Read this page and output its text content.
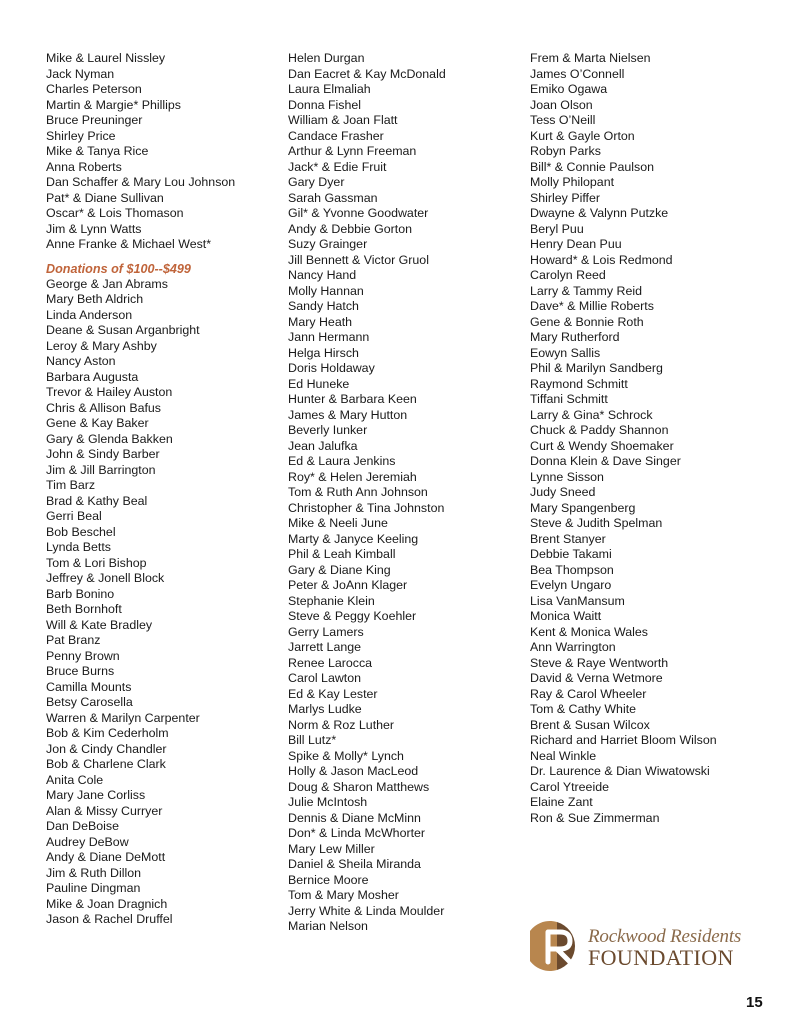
Mike & Laurel Nissley
Jack Nyman
Charles Peterson
Martin & Margie* Phillips
Bruce Preuninger
Shirley Price
Mike & Tanya Rice
Anna Roberts
Dan Schaffer & Mary Lou Johnson
Pat* & Diane Sullivan
Oscar* & Lois Thomason
Jim & Lynn Watts
Anne Franke & Michael West*
Donations of $100--$499
George & Jan Abrams
Mary Beth Aldrich
Linda Anderson
Deane & Susan Arganbright
Leroy & Mary Ashby
Nancy Aston
Barbara Augusta
Trevor & Hailey Auston
Chris & Allison Bafus
Gene & Kay Baker
Gary & Glenda Bakken
John & Sindy Barber
Jim & Jill Barrington
Tim Barz
Brad & Kathy Beal
Gerri Beal
Bob Beschel
Lynda Betts
Tom & Lori Bishop
Jeffrey & Jonell Block
Barb Bonino
Beth Bornhoft
Will & Kate Bradley
Pat Branz
Penny Brown
Bruce Burns
Camilla Mounts
Betsy Carosella
Warren & Marilyn Carpenter
Bob & Kim Cederholm
Jon & Cindy Chandler
Bob & Charlene Clark
Anita Cole
Mary Jane Corliss
Alan & Missy Curryer
Dan DeBoise
Audrey DeBow
Andy & Diane DeMott
Jim & Ruth Dillon
Pauline Dingman
Mike & Joan Dragnich
Jason & Rachel Druffel
Helen Durgan
Dan Eacret & Kay McDonald
Laura Elmaliah
Donna Fishel
William & Joan Flatt
Candace Frasher
Arthur & Lynn Freeman
Jack* & Edie Fruit
Gary Dyer
Sarah Gassman
Gil* & Yvonne Goodwater
Andy & Debbie Gorton
Suzy Grainger
Jill Bennett & Victor Gruol
Nancy Hand
Molly Hannan
Sandy Hatch
Mary Heath
Jann Hermann
Helga Hirsch
Doris Holdaway
Ed Huneke
Hunter & Barbara Keen
James & Mary Hutton
Beverly Iunker
Jean Jalufka
Ed & Laura Jenkins
Roy* & Helen Jeremiah
Tom & Ruth Ann Johnson
Christopher & Tina Johnston
Mike & Neeli June
Marty & Janyce Keeling
Phil & Leah Kimball
Gary & Diane King
Peter & JoAnn Klager
Stephanie Klein
Steve & Peggy Koehler
Gerry Lamers
Jarrett Lange
Renee Larocca
Carol Lawton
Ed & Kay Lester
Marlys Ludke
Norm & Roz Luther
Bill Lutz*
Spike & Molly* Lynch
Holly & Jason MacLeod
Doug & Sharon Matthews
Julie McIntosh
Dennis & Diane McMinn
Don* & Linda McWhorter
Mary Lew Miller
Daniel & Sheila Miranda
Bernice Moore
Tom & Mary Mosher
Jerry White & Linda Moulder
Marian Nelson
Frem & Marta Nielsen
James O’Connell
Emiko Ogawa
Joan Olson
Tess O’Neill
Kurt & Gayle Orton
Robyn Parks
Bill* & Connie Paulson
Molly Philopant
Shirley Piffer
Dwayne & Valynn Putzke
Beryl Puu
Henry Dean Puu
Howard* & Lois Redmond
Carolyn Reed
Larry & Tammy Reid
Dave* & Millie Roberts
Gene & Bonnie Roth
Mary Rutherford
Eowyn Sallis
Phil & Marilyn Sandberg
Raymond Schmitt
Tiffani Schmitt
Larry & Gina* Schrock
Chuck & Paddy Shannon
Curt & Wendy Shoemaker
Donna Klein & Dave Singer
Lynne Sisson
Judy Sneed
Mary Spangenberg
Steve & Judith Spelman
Brent Stanyer
Debbie Takami
Bea Thompson
Evelyn Ungaro
Lisa VanMansum
Monica Waitt
Kent & Monica Wales
Ann Warrington
Steve & Raye Wentworth
David & Verna Wetmore
Ray & Carol Wheeler
Tom & Cathy White
Brent & Susan Wilcox
Richard and Harriet Bloom Wilson
Neal Winkle
Dr. Laurence & Dian Wiwatowski
Carol Ytreeide
Elaine Zant
Ron & Sue Zimmerman
Rockwood Residents
FOUNDATION
15
